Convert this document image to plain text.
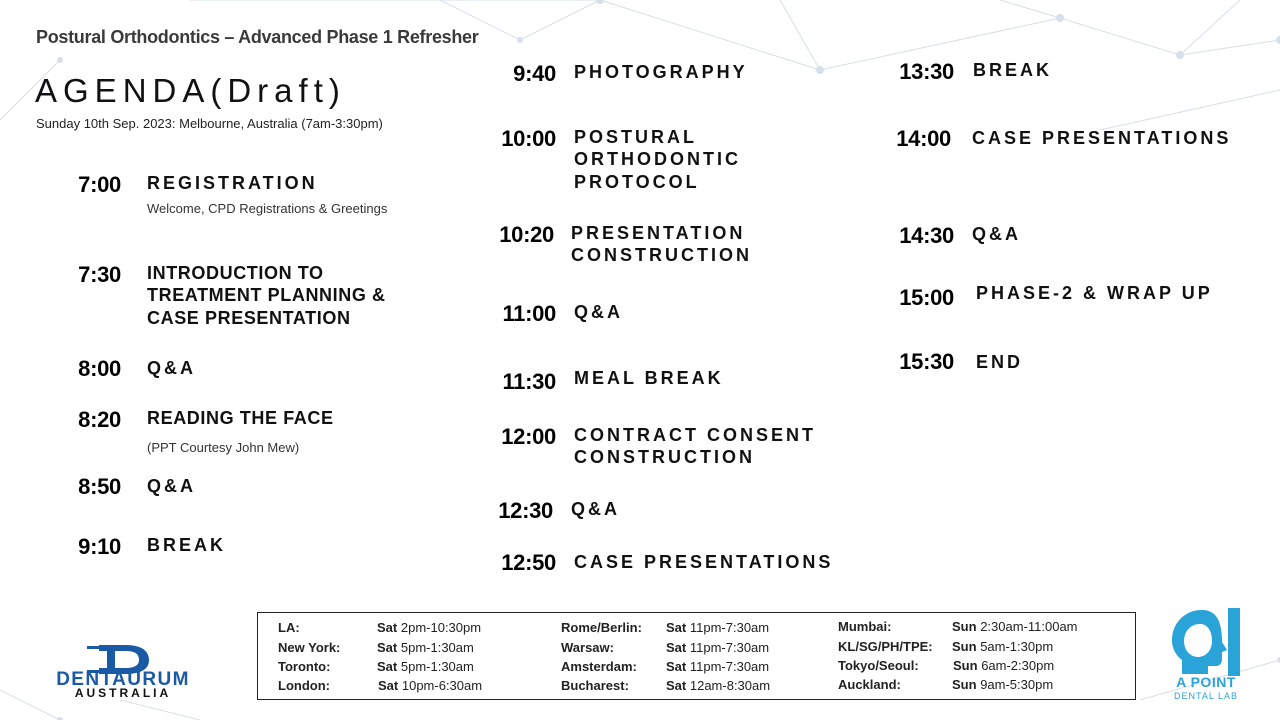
Postural Orthodontics – Advanced Phase 1 Refresher
AGENDA(Draft)
Sunday 10th Sep. 2023: Melbourne, Australia (7am-3:30pm)
7:00 REGISTRATION
Welcome, CPD Registrations & Greetings
7:30 INTRODUCTION TO
TREATMENT PLANNING &
CASE PRESENTATION
8:00 Q&A
8:20 READING THE FACE
(PPT Courtesy John Mew)
8:50 Q&A
9:10 BREAK
9:40 PHOTOGRAPHY
10:00 POSTURAL
ORTHODONTIC
PROTOCOL
10:20 PRESENTATION
CONSTRUCTION
11:00 Q&A
11:30 MEAL BREAK
12:00 CONTRACT CONSENT
CONSTRUCTION
12:30 Q&A
12:50 CASE PRESENTATIONS
13:30 BREAK
14:00 CASE PRESENTATIONS
14:30 Q&A
15:00 PHASE-2 & WRAP UP
15:30 END
LA:	Sat 2pm-10:30pm
New York:	Sat 5pm-1:30am
Toronto:	Sat 5pm-1:30am
London:	Sat 10pm-6:30am
Rome/Berlin: Sat 11pm-7:30am
Warsaw:	Sat 11pm-7:30am
Amsterdam: Sat 11pm-7:30am
Bucharest:	Sat 12am-8:30am
Mumbai:	Sun 2:30am-11:00am
KL/SG/PH/TPE: Sun 5am-1:30pm
Tokyo/Seoul:	Sun 6am-2:30pm
Auckland:	Sun 9am-5:30pm
DENTAURUM
AUSTRALIA
A POINT
DENTAL LAB
